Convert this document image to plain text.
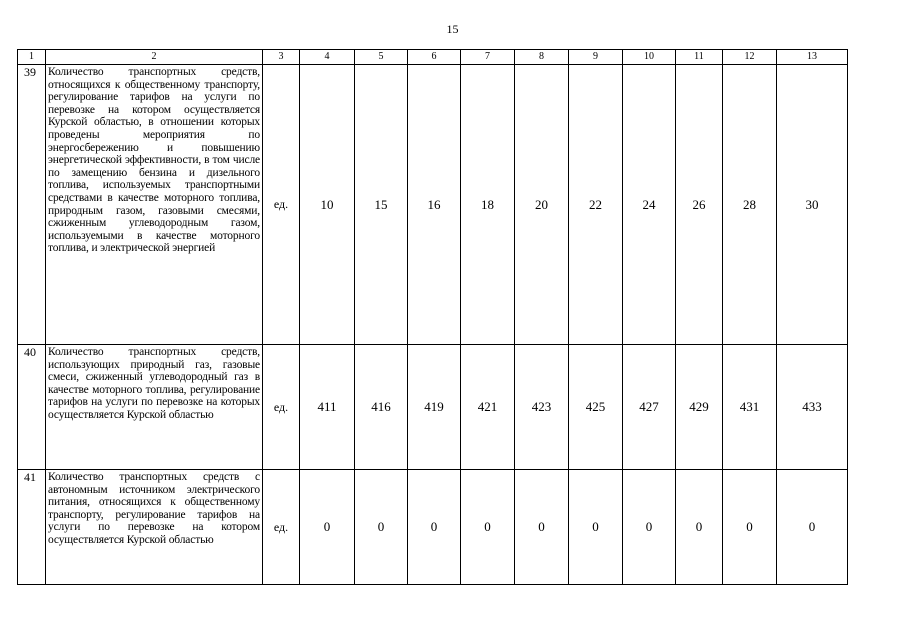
15
1	2	3	4	5	6	7	8	9	10	11	12	13
39	Количество транспортных средств, относящихся к общественному транспорту, регулирование тарифов на услуги по перевозке на котором осуществляется Курской областью, в отношении которых проведены мероприятия по энергосбережению и повышению энергетической эффективности, в том числе по замещению бензина и дизельного топлива, используемых транспортными средствами в качестве моторного топлива, природным газом, газовыми смесями, сжиженным углеводородным газом, используемыми в качестве моторного топлива, и электрической энергией	ед.	10	15	16	18	20	22	24	26	28	30
40	Количество транспортных средств, использующих природный газ, газовые смеси, сжиженный углеводородный газ в качестве моторного топлива, регулирование тарифов на услуги по перевозке на которых осуществляется Курской областью	ед.	411	416	419	421	423	425	427	429	431	433
41	Количество транспортных средств с автономным источником электрического питания, относящихся к общественному транспорту, регулирование тарифов на услуги по перевозке на котором осуществляется Курской областью	ед.	0	0	0	0	0	0	0	0	0	0
